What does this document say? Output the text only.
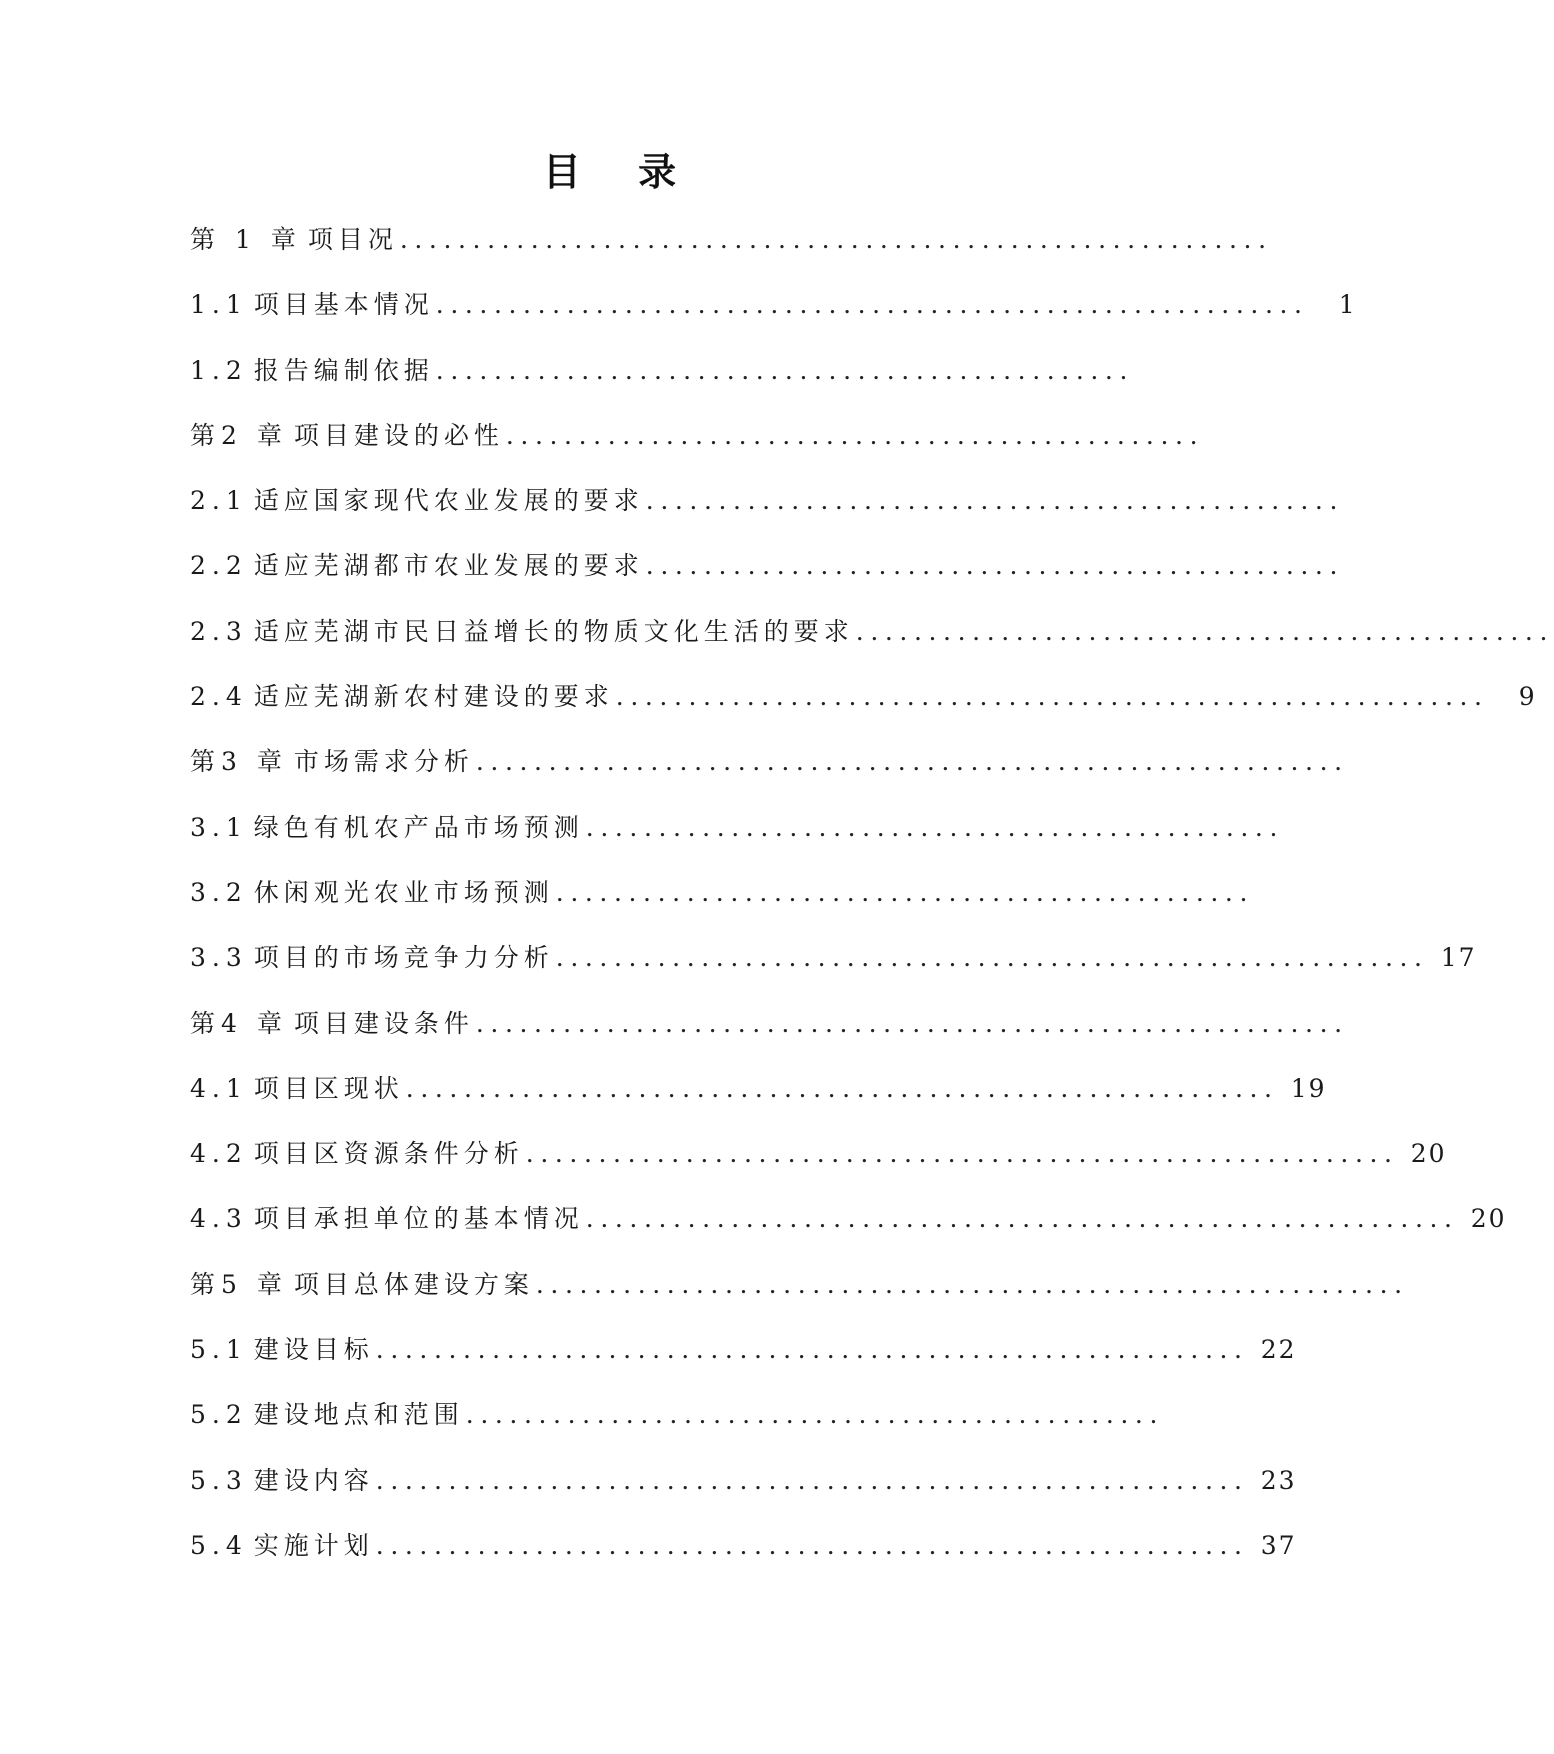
目 录
第 1 章 项目况 ............................................................
1.1 项目基本情况 ............................................................	1
1.2 报告编制依据 ................................................
第2 章 项目建设的必性 ................................................
2.1 适应国家现代农业发展的要求 ................................................
2.2 适应芜湖都市农业发展的要求 ................................................
2.3 适应芜湖市民日益增长的物质文化生活的要求 ................................................
2.4 适应芜湖新农村建设的要求 ............................................................	9
第3 章 市场需求分析 ............................................................
3.1 绿色有机农产品市场预测 ................................................
3.2 休闲观光农业市场预测 ................................................
3.3 项目的市场竞争力分析 ............................................................ 17
第4 章 项目建设条件 ............................................................
4.1 项目区现状 ............................................................ 19
4.2 项目区资源条件分析 ............................................................ 20
4.3 项目承担单位的基本情况 ............................................................ 20
第5 章 项目总体建设方案 ............................................................
5.1 建设目标 ............................................................ 22
5.2 建设地点和范围 ................................................
5.3 建设内容 ............................................................ 23
5.4 实施计划 ............................................................ 37
